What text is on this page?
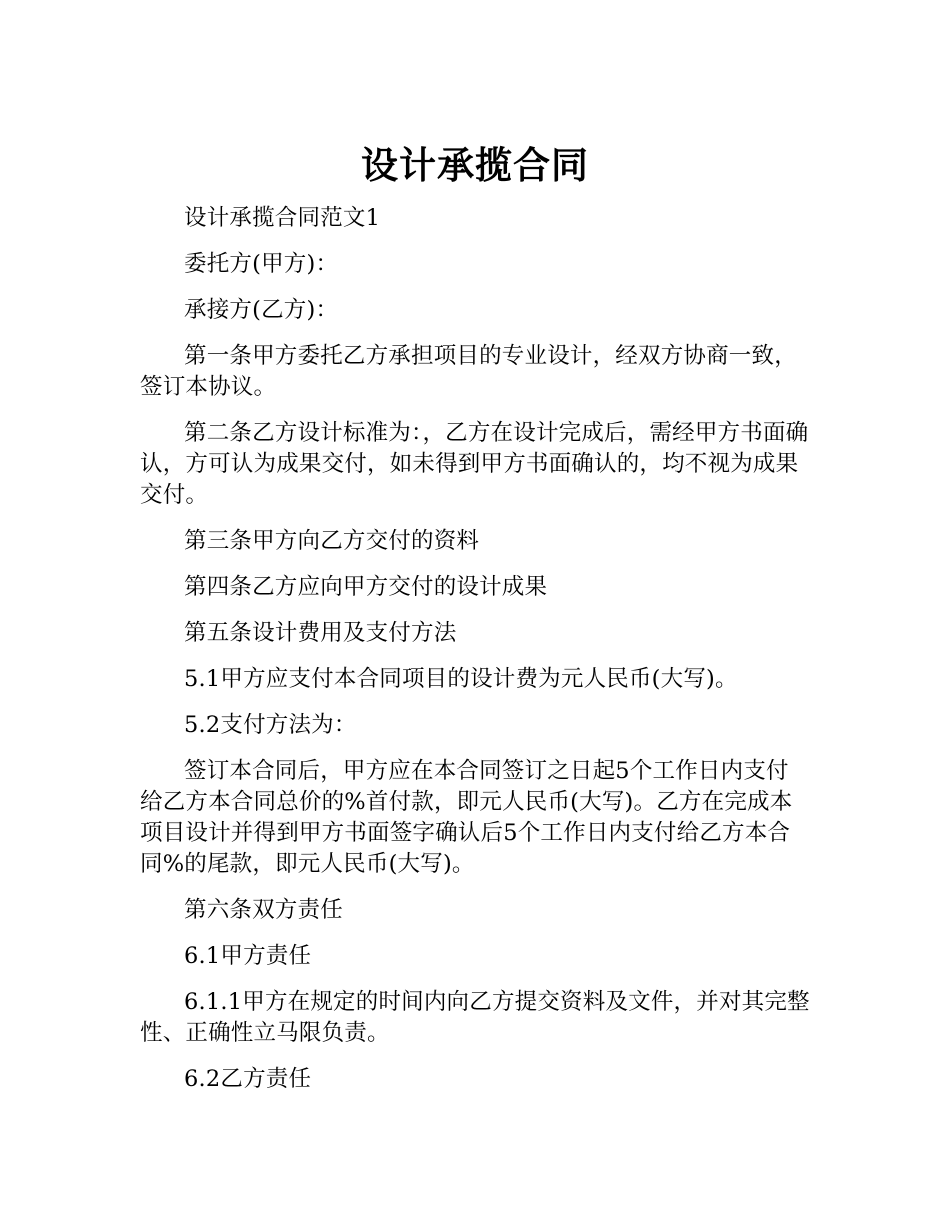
设计承揽合同

设计承揽合同范文1

委托方(甲方)：

承接方(乙方)：

第一条甲方委托乙方承担项目的专业设计，经双方协商一致，签订本协议。

第二条乙方设计标准为：，乙方在设计完成后，需经甲方书面确认，方可认为成果交付，如未得到甲方书面确认的，均不视为成果交付。

第三条甲方向乙方交付的资料

第四条乙方应向甲方交付的设计成果

第五条设计费用及支付方法

5.1甲方应支付本合同项目的设计费为元人民币(大写)。

5.2支付方法为：

签订本合同后，甲方应在本合同签订之日起5个工作日内支付给乙方本合同总价的%首付款，即元人民币(大写)。乙方在完成本项目设计并得到甲方书面签字确认后5个工作日内支付给乙方本合同%的尾款，即元人民币(大写)。

第六条双方责任

6.1甲方责任

6.1.1甲方在规定的时间内向乙方提交资料及文件，并对其完整性、正确性立马限负责。

6.2乙方责任
